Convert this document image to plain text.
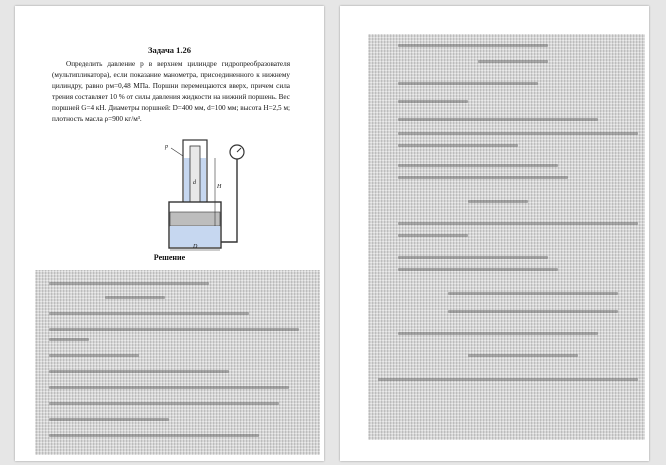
Задача 1.26
Определить давление p в верхнем цилиндре гидропреобразователя (мультипликатора), если показание манометра, присоединенного к нижнему цилиндру, равно pм=0,48 МПа. Поршни перемещаются вверх, причем сила трения составляет 10 % от силы давления жидкости на нижний поршень. Вес поршней G=4 кН. Диаметры поршней: D=400 мм, d=100 мм; высота H=2,5 м; плотность масла ρ=900 кг/м³.
p
H
d
D
Решение
